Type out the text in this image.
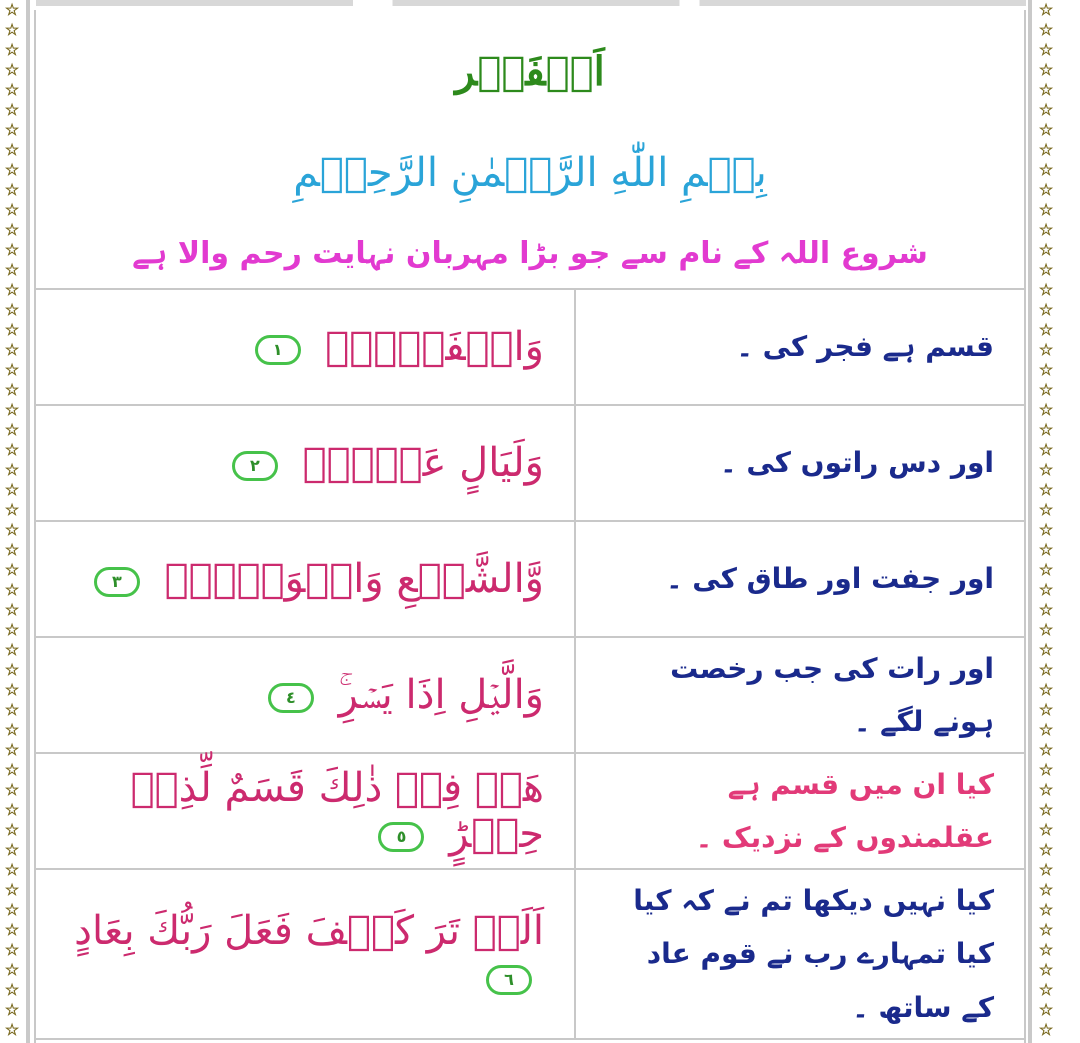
☆
☆
☆
☆
☆
☆
☆
☆
☆
☆
☆
☆
☆
☆
☆
☆
☆
☆
☆
☆
☆
☆
☆
☆
☆
☆
☆
☆
☆
☆
☆
☆
☆
☆
☆
☆
☆
☆
☆
☆
☆
☆
☆
☆
☆
☆
☆
☆
☆
☆
☆
☆
☆
☆
☆
☆
☆
☆
☆
☆
☆
☆
☆
☆
☆
☆
☆
☆
☆
☆
☆
☆
☆
☆
☆
☆
☆
☆
☆
☆
☆
☆
☆
☆
☆
☆
☆
☆
☆
☆
☆
☆
☆
☆
☆
☆
☆
☆
☆
☆
☆
☆
☆
☆
اَلۡفَجۡر
بِسۡمِ اللّٰهِ الرَّحۡمٰنِ الرَّحِيۡمِ
شروع اللہ کے نام سے جو بڑا مہربان نہایت رحم والا ہے
وَالۡفَجۡرِۙ ١	قسم ہے فجر کی ۔
وَلَيَالٍ عَشۡرٍۙ ٢	اور دس راتوں کی ۔
وَّالشَّفۡعِ وَالۡوَتۡرِۙ ٣	اور جفت اور طاق کی ۔
وَالَّيۡلِ اِذَا يَسۡرِ‌ۚ ٤	اور رات کی جب رخصت ہونے لگے ۔
هَلۡ فِىۡ ذٰلِكَ قَسَمٌ لِّذِىۡ حِجۡرٍؕ ٥	کیا ان میں قسم ہے عقلمندوں کے نزدیک ۔
اَلَمۡ تَرَ كَيۡفَ فَعَلَ رَبُّكَ بِعَادٍ ٦	کیا نہیں دیکھا تم نے کہ کیا کیا تمہارے رب نے قوم عاد کے ساتھ ۔
